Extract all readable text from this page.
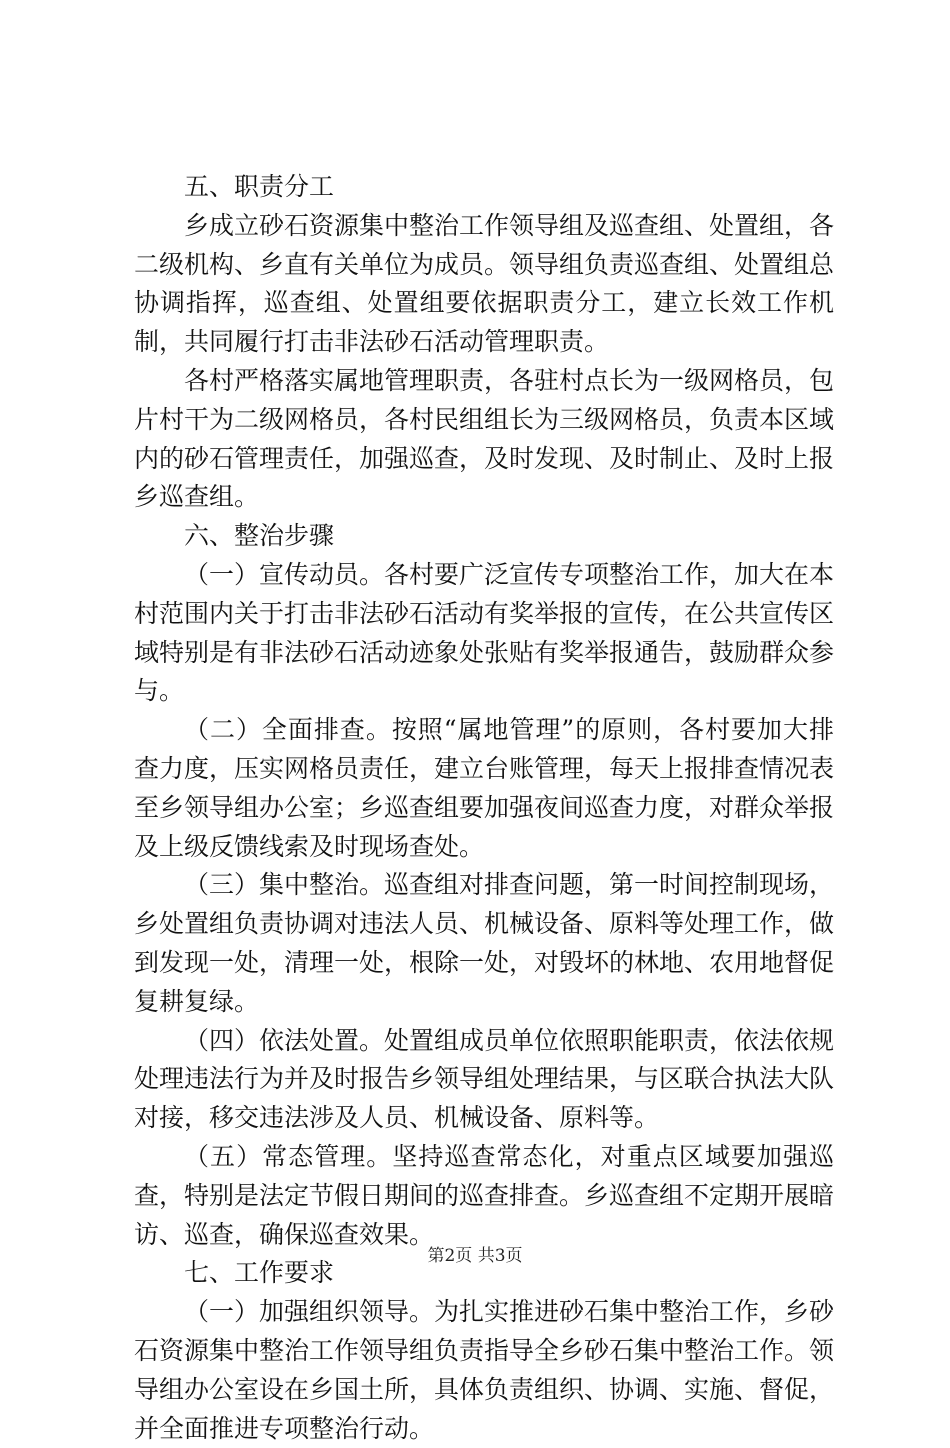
五、职责分工

乡成立砂石资源集中整治工作领导组及巡查组、处置组，各二级机构、乡直有关单位为成员。领导组负责巡查组、处置组总协调指挥，巡查组、处置组要依据职责分工，建立长效工作机制，共同履行打击非法砂石活动管理职责。

各村严格落实属地管理职责，各驻村点长为一级网格员，包片村干为二级网格员，各村民组组长为三级网格员，负责本区域内的砂石管理责任，加强巡查，及时发现、及时制止、及时上报乡巡查组。

六、整治步骤

（一）宣传动员。各村要广泛宣传专项整治工作，加大在本村范围内关于打击非法砂石活动有奖举报的宣传，在公共宣传区域特别是有非法砂石活动迹象处张贴有奖举报通告，鼓励群众参与。

（二）全面排查。按照“属地管理”的原则，各村要加大排查力度，压实网格员责任，建立台账管理，每天上报排查情况表至乡领导组办公室；乡巡查组要加强夜间巡查力度，对群众举报及上级反馈线索及时现场查处。

（三）集中整治。巡查组对排查问题，第一时间控制现场，乡处置组负责协调对违法人员、机械设备、原料等处理工作，做到发现一处，清理一处，根除一处，对毁坏的林地、农用地督促复耕复绿。

（四）依法处置。处置组成员单位依照职能职责，依法依规处理违法行为并及时报告乡领导组处理结果，与区联合执法大队对接，移交违法涉及人员、机械设备、原料等。

（五）常态管理。坚持巡查常态化，对重点区域要加强巡查，特别是法定节假日期间的巡查排查。乡巡查组不定期开展暗访、巡查，确保巡查效果。

七、工作要求

（一）加强组织领导。为扎实推进砂石集中整治工作，乡砂石资源集中整治工作领导组负责指导全乡砂石集中整治工作。领导组办公室设在乡国土所，具体负责组织、协调、实施、督促，并全面推进专项整治行动。

第2页 共3页
